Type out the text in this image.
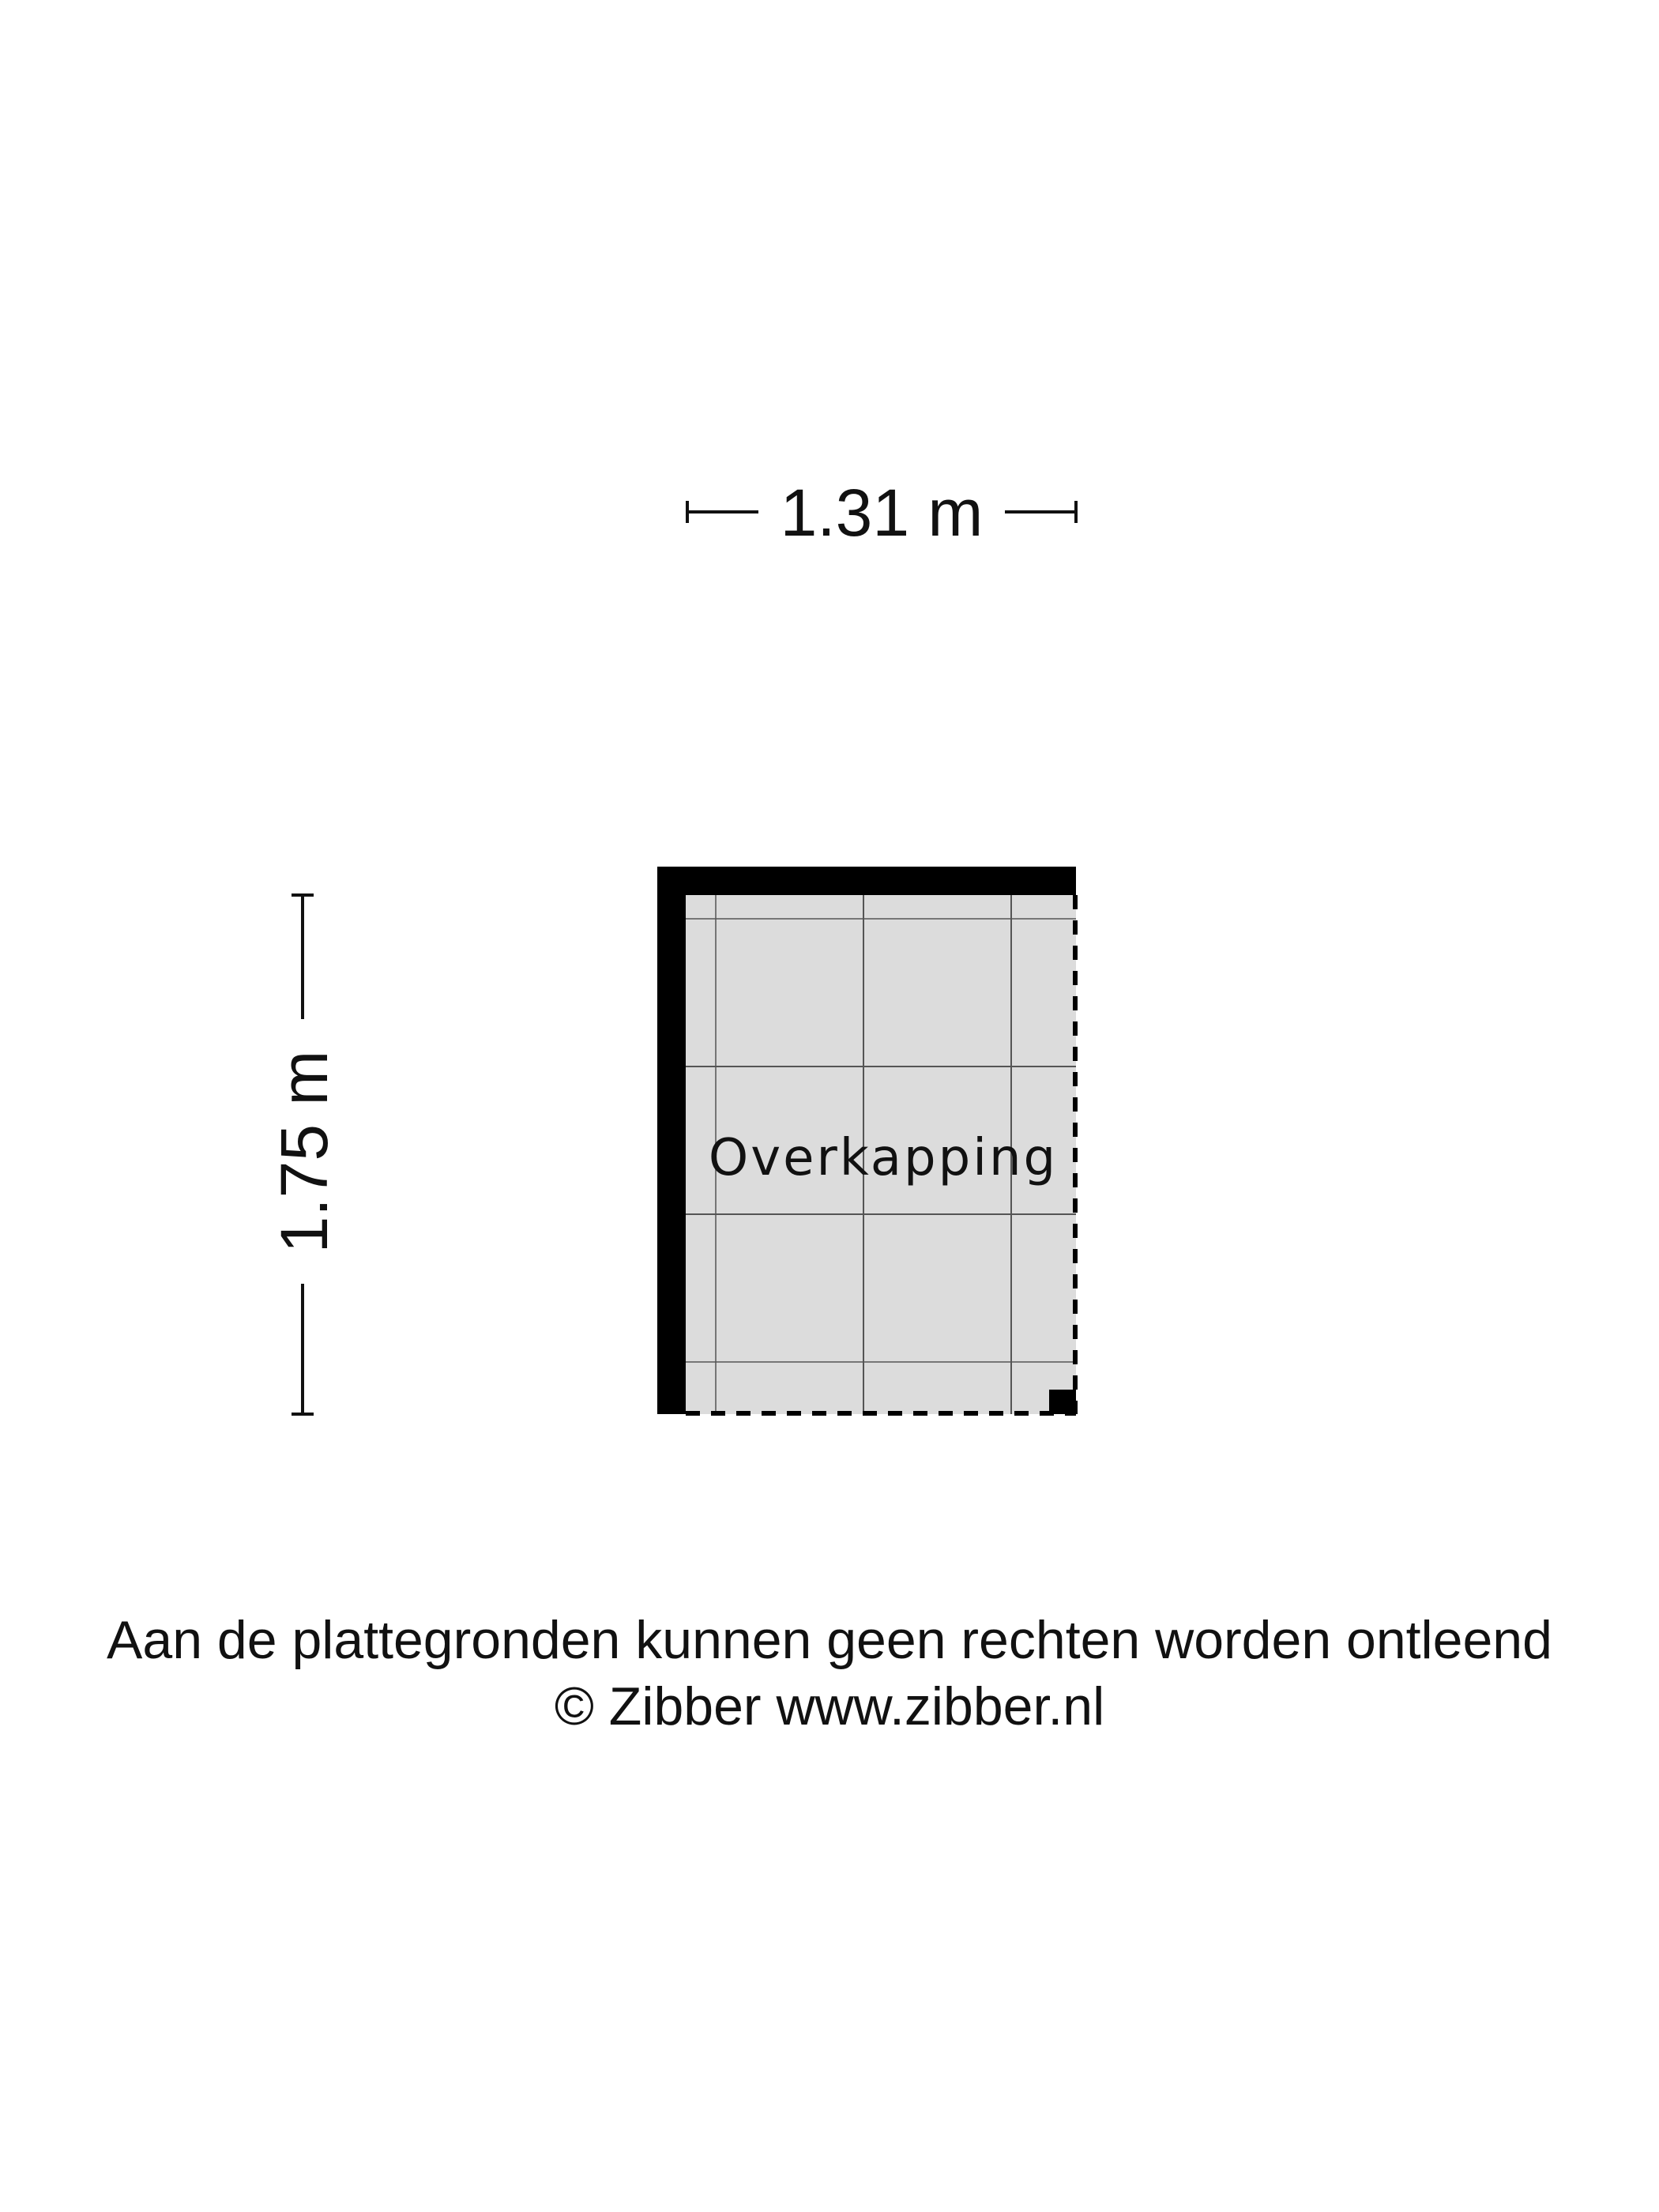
1.31 m
1.75 m	Overkapping
Aan de plattegronden kunnen geen rechten worden ontleend
© Zibber www.zibber.nl
